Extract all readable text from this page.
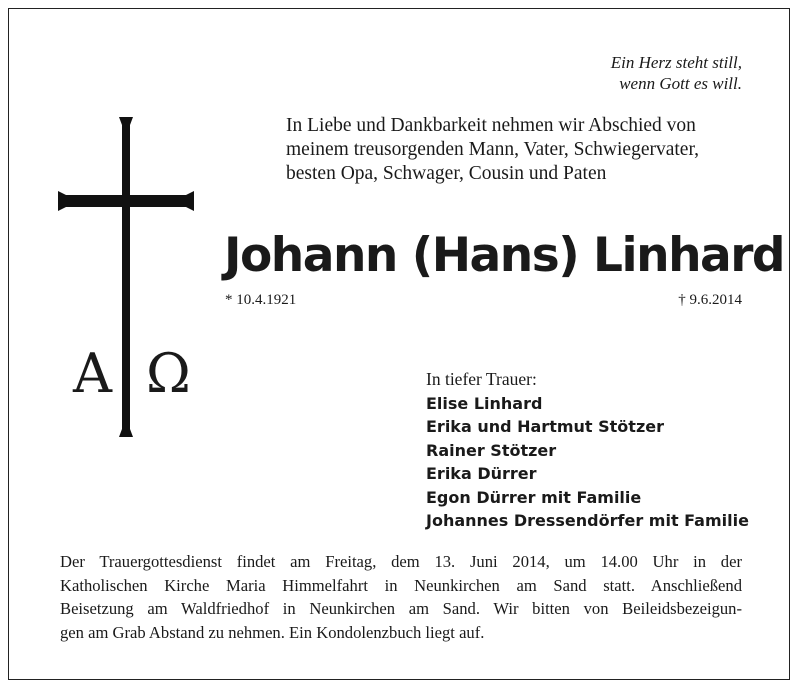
Ein Herz steht still,
wenn Gott es will.
A Ω
In Liebe und Dankbarkeit nehmen wir Abschied von
meinem treusorgenden Mann, Vater, Schwiegervater,
besten Opa, Schwager, Cousin und Paten
Johann (Hans) Linhard
* 10.4.1921	† 9.6.2014
In tiefer Trauer:
Elise Linhard
Erika und Hartmut Stötzer
Rainer Stötzer
Erika Dürrer
Egon Dürrer mit Familie
Johannes Dressendörfer mit Familie
Der Trauergottesdienst findet am Freitag, dem 13. Juni 2014, um 14.00 Uhr in der
Katholischen Kirche Maria Himmelfahrt in Neunkirchen am Sand statt. Anschließend
Beisetzung am Waldfriedhof in Neunkirchen am Sand. Wir bitten von Beileidsbezeigun-
gen am Grab Abstand zu nehmen. Ein Kondolenzbuch liegt auf.
